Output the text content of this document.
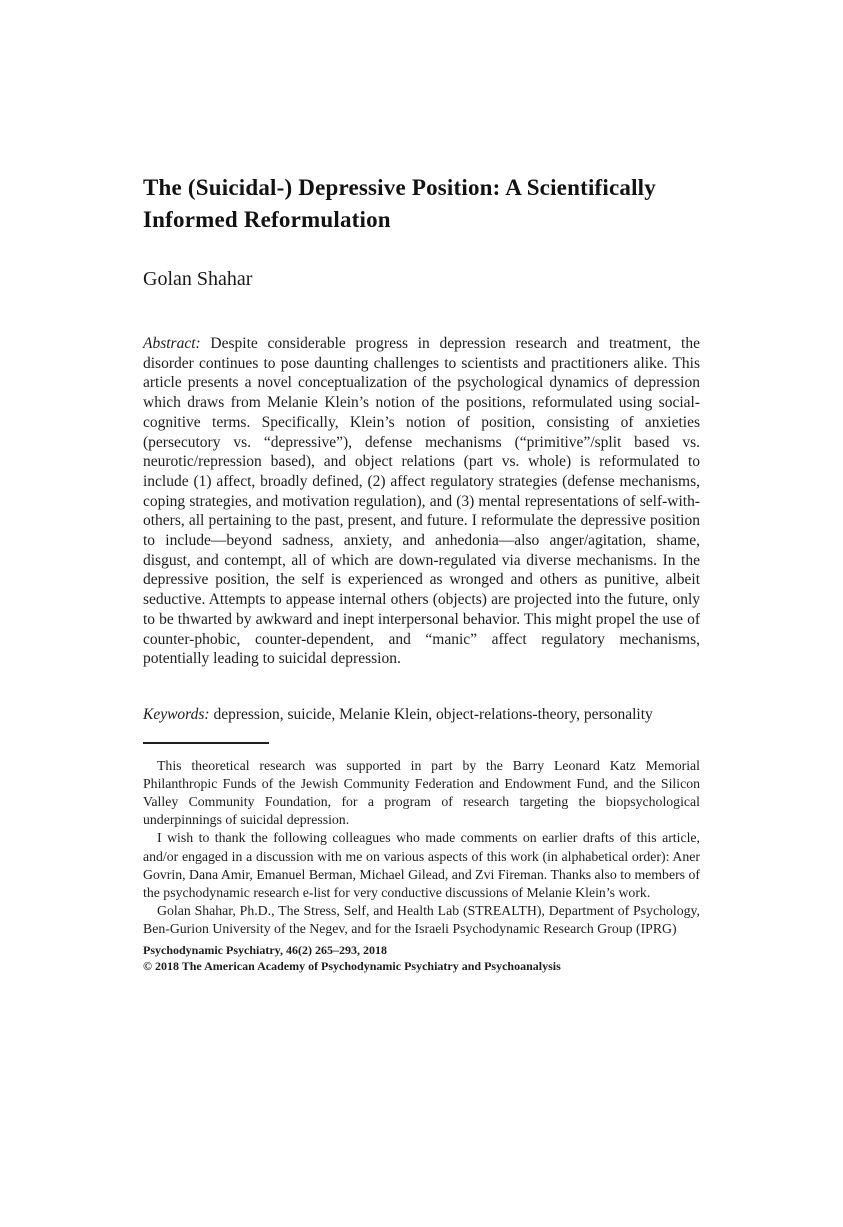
The (Suicidal-) Depressive Position: A Scientifically
Informed Reformulation
Golan Shahar

Abstract: Despite considerable progress in depression research and treatment, the disorder continues to pose daunting challenges to scientists and practitioners alike. This article presents a novel conceptualization of the psychological dynamics of depression which draws from Melanie Klein’s notion of the positions, reformulated using social-cognitive terms. Specifically, Klein’s notion of position, consisting of anxieties (persecutory vs. “depressive”), defense mechanisms (“primitive”/split based vs. neurotic/repression based), and object relations (part vs. whole) is reformulated to include (1) affect, broadly defined, (2) affect regulatory strategies (defense mechanisms, coping strategies, and motivation regulation), and (3) mental representations of self-with-others, all pertaining to the past, present, and future. I reformulate the depressive position to include—beyond sadness, anxiety, and anhedonia—also anger/agitation, shame, disgust, and contempt, all of which are down-regulated via diverse mechanisms. In the depressive position, the self is experienced as wronged and others as punitive, albeit seductive. Attempts to appease internal others (objects) are projected into the future, only to be thwarted by awkward and inept interpersonal behavior. This might propel the use of counter-phobic, counter-dependent, and “manic” affect regulatory mechanisms, potentially leading to suicidal depression.

Keywords: depression, suicide, Melanie Klein, object-relations-theory, personality

This theoretical research was supported in part by the Barry Leonard Katz Memorial Philanthropic Funds of the Jewish Community Federation and Endowment Fund, and the Silicon Valley Community Foundation, for a program of research targeting the biopsychological underpinnings of suicidal depression.

I wish to thank the following colleagues who made comments on earlier drafts of this article, and/or engaged in a discussion with me on various aspects of this work (in alphabetical order): Aner Govrin, Dana Amir, Emanuel Berman, Michael Gilead, and Zvi Fireman. Thanks also to members of the psychodynamic research e-list for very conductive discussions of Melanie Klein’s work.

Golan Shahar, Ph.D., The Stress, Self, and Health Lab (STREALTH), Department of Psychology, Ben-Gurion University of the Negev, and for the Israeli Psychodynamic Research Group (IPRG)

Psychodynamic Psychiatry, 46(2) 265–293, 2018
© 2018 The American Academy of Psychodynamic Psychiatry and Psychoanalysis
